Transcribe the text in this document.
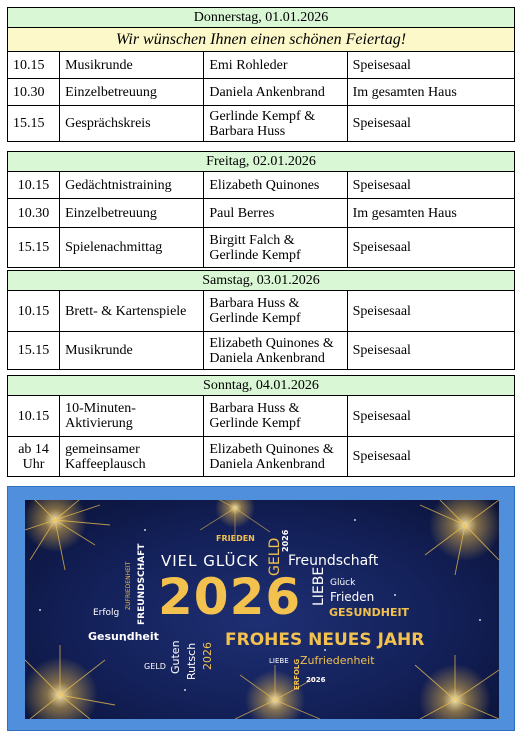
Donnerstag, 01.01.2026			
Wir wünschen Ihnen einen schönen Feiertag!			
10.15	Musikrunde	Emi Rohleder	Speisesaal
10.30	Einzelbetreuung	Daniela Ankenbrand	Im gesamten Haus
15.15	Gesprächskreis	Gerlinde Kempf & Barbara Huss	Speisesaal
Freitag, 02.01.2026			
10.15	Gedächtnistraining	Elizabeth Quinones	Speisesaal
10.30	Einzelbetreuung	Paul Berres	Im gesamten Haus
15.15	Spielenachmittag	Birgitt Falch & Gerlinde Kempf	Speisesaal
Samstag, 03.01.2026			
10.15	Brett- & Kartenspiele	Barbara Huss & Gerlinde Kempf	Speisesaal
15.15	Musikrunde	Elizabeth Quinones & Daniela Ankenbrand	Speisesaal
Sonntag, 04.01.2026			
10.15	10-Minuten-Aktivierung	Barbara Huss & Gerlinde Kempf	Speisesaal
ab 14 Uhr	gemeinsamer Kaffeeplausch	Elizabeth Quinones & Daniela Ankenbrand	Speisesaal
FRIEDEN	2026
VIEL GLÜCK GELD Freundschaft
ZUFRIEDENHEIT FREUNDSCHAFT
Erfolg 2026 LIEBE Glück
Frieden
GESUNDHEIT
Gesundheit
GELD Guten Rutsch 2026
FROHES NEUES JAHR
LIEBE Zufriedenheit
ERFOLG 2026
